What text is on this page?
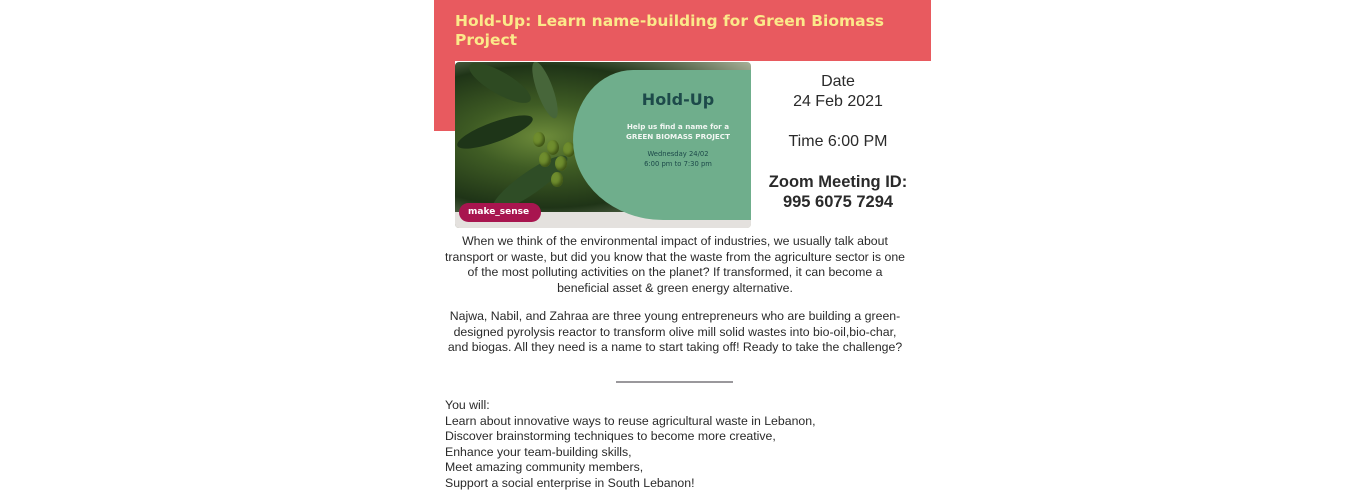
Hold-Up: Learn name-building for Green Biomass Project
Hold-Up
Help us find a name for a
GREEN BIOMASS PROJECT
Wednesday 24/02
6:00 pm to 7:30 pm
make_sense
Date
24 Feb 2021
Time 6:00 PM
Zoom Meeting ID:
995 6075 7294
When we think of the environmental impact of industries, we usually talk about transport or waste, but did you know that the waste from the agriculture sector is one of the most polluting activities on the planet? If transformed, it can become a beneficial asset & green energy alternative.
Najwa, Nabil, and Zahraa are three young entrepreneurs who are building a green-designed pyrolysis reactor to transform olive mill solid wastes into bio-oil,bio-char, and biogas. All they need is a name to start taking off! Ready to take the challenge?
You will:
Learn about innovative ways to reuse agricultural waste in Lebanon,
Discover brainstorming techniques to become more creative,
Enhance your team-building skills,
Meet amazing community members,
Support a social enterprise in South Lebanon!
